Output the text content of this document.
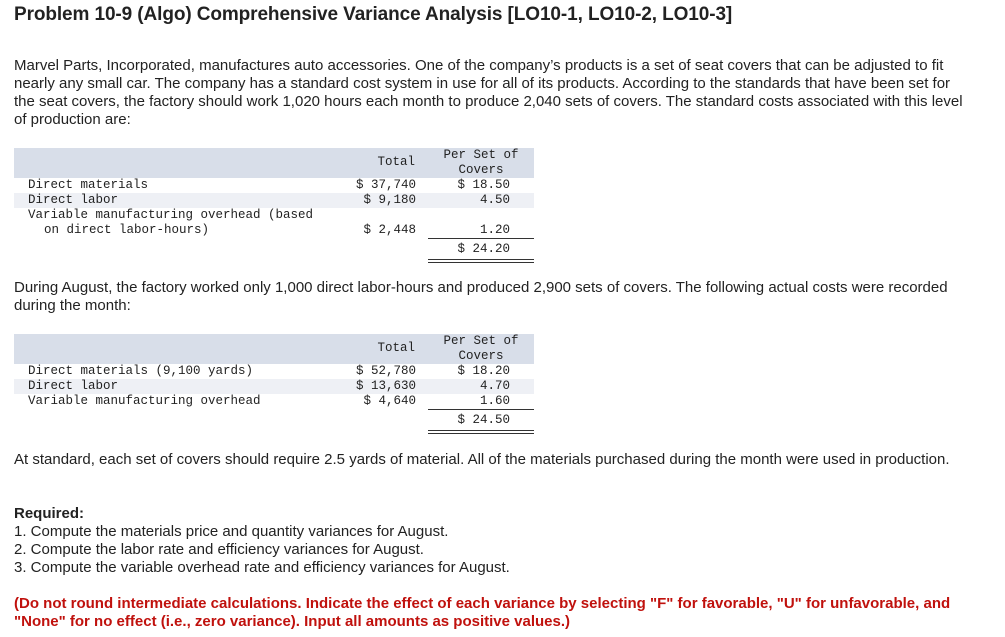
Problem 10-9 (Algo) Comprehensive Variance Analysis [LO10-1, LO10-2, LO10-3]
Marvel Parts, Incorporated, manufactures auto accessories. One of the company’s products is a set of seat covers that can be adjusted to fit nearly any small car. The company has a standard cost system in use for all of its products. According to the standards that have been set for the seat covers, the factory should work 1,020 hours each month to produce 2,040 sets of covers. The standard costs associated with this level of production are:
Total	Per Set of
Covers
Direct materials	$ 37,740	$ 18.50
Direct labor	$ 9,180	4.50
Variable manufacturing overhead (based
on direct labor-hours)	$ 2,448	1.20
$ 24.20
During August, the factory worked only 1,000 direct labor-hours and produced 2,900 sets of covers. The following actual costs were recorded during the month:
Total	Per Set of
Covers
Direct materials (9,100 yards)	$ 52,780	$ 18.20
Direct labor	$ 13,630	4.70
Variable manufacturing overhead	$ 4,640	1.60
$ 24.50
At standard, each set of covers should require 2.5 yards of material. All of the materials purchased during the month were used in production.
Required:
1. Compute the materials price and quantity variances for August.
2. Compute the labor rate and efficiency variances for August.
3. Compute the variable overhead rate and efficiency variances for August.
(Do not round intermediate calculations. Indicate the effect of each variance by selecting "F" for favorable, "U" for unfavorable, and "None" for no effect (i.e., zero variance). Input all amounts as positive values.)
